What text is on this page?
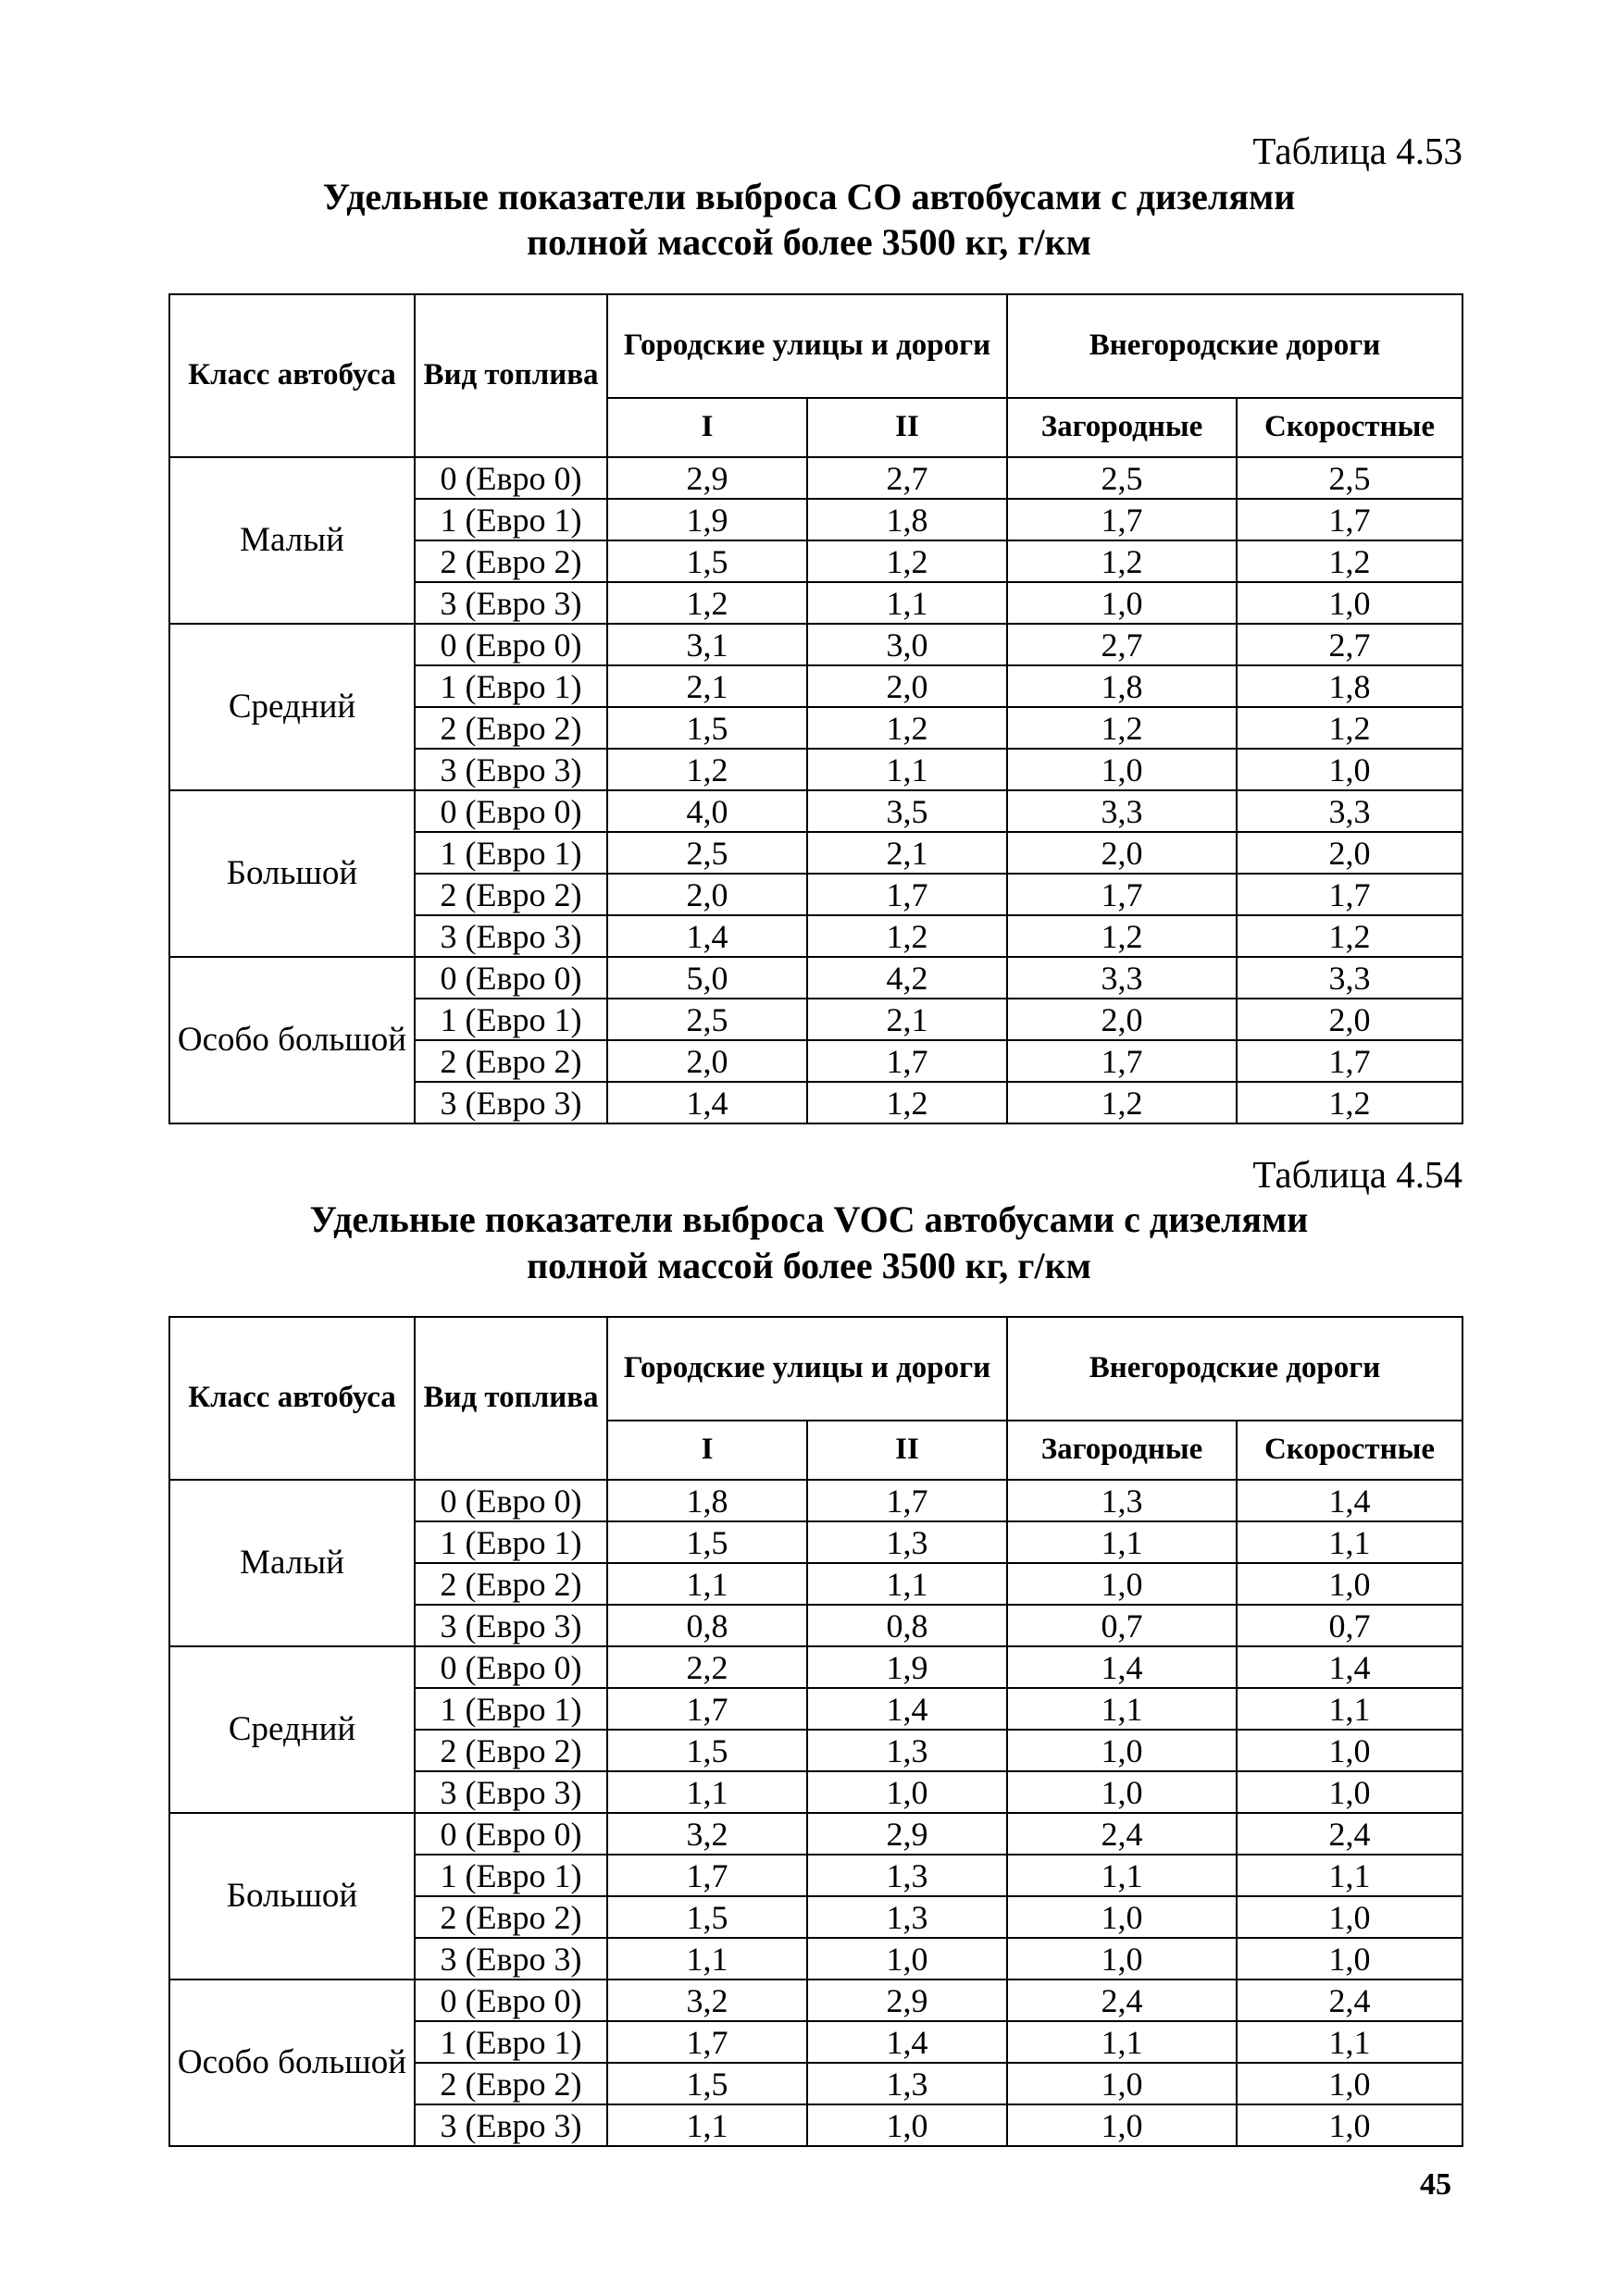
Таблица 4.53
Удельные показатели выброса СО автобусами с дизелями
полной массой более 3500 кг, г/км
Класс автобуса	Вид топлива	Городские улицы и дороги		Внегородские дороги	
		I	II	Загородные	Скоростные
Малый	0 (Евро 0)	2,9	2,7	2,5	2,5
	1 (Евро 1)	1,9	1,8	1,7	1,7
	2 (Евро 2)	1,5	1,2	1,2	1,2
	3 (Евро 3)	1,2	1,1	1,0	1,0
Средний	0 (Евро 0)	3,1	3,0	2,7	2,7
	1 (Евро 1)	2,1	2,0	1,8	1,8
	2 (Евро 2)	1,5	1,2	1,2	1,2
	3 (Евро 3)	1,2	1,1	1,0	1,0
Большой	0 (Евро 0)	4,0	3,5	3,3	3,3
	1 (Евро 1)	2,5	2,1	2,0	2,0
	2 (Евро 2)	2,0	1,7	1,7	1,7
	3 (Евро 3)	1,4	1,2	1,2	1,2
Особо большой	0 (Евро 0)	5,0	4,2	3,3	3,3
	1 (Евро 1)	2,5	2,1	2,0	2,0
	2 (Евро 2)	2,0	1,7	1,7	1,7
	3 (Евро 3)	1,4	1,2	1,2	1,2
Таблица 4.54
Удельные показатели выброса VOC автобусами с дизелями
полной массой более 3500 кг, г/км
Класс автобуса	Вид топлива	Городские улицы и дороги		Внегородские дороги	
		I	II	Загородные	Скоростные
Малый	0 (Евро 0)	1,8	1,7	1,3	1,4
	1 (Евро 1)	1,5	1,3	1,1	1,1
	2 (Евро 2)	1,1	1,1	1,0	1,0
	3 (Евро 3)	0,8	0,8	0,7	0,7
Средний	0 (Евро 0)	2,2	1,9	1,4	1,4
	1 (Евро 1)	1,7	1,4	1,1	1,1
	2 (Евро 2)	1,5	1,3	1,0	1,0
	3 (Евро 3)	1,1	1,0	1,0	1,0
Большой	0 (Евро 0)	3,2	2,9	2,4	2,4
	1 (Евро 1)	1,7	1,3	1,1	1,1
	2 (Евро 2)	1,5	1,3	1,0	1,0
	3 (Евро 3)	1,1	1,0	1,0	1,0
Особо большой	0 (Евро 0)	3,2	2,9	2,4	2,4
	1 (Евро 1)	1,7	1,4	1,1	1,1
	2 (Евро 2)	1,5	1,3	1,0	1,0
	3 (Евро 3)	1,1	1,0	1,0	1,0
45
